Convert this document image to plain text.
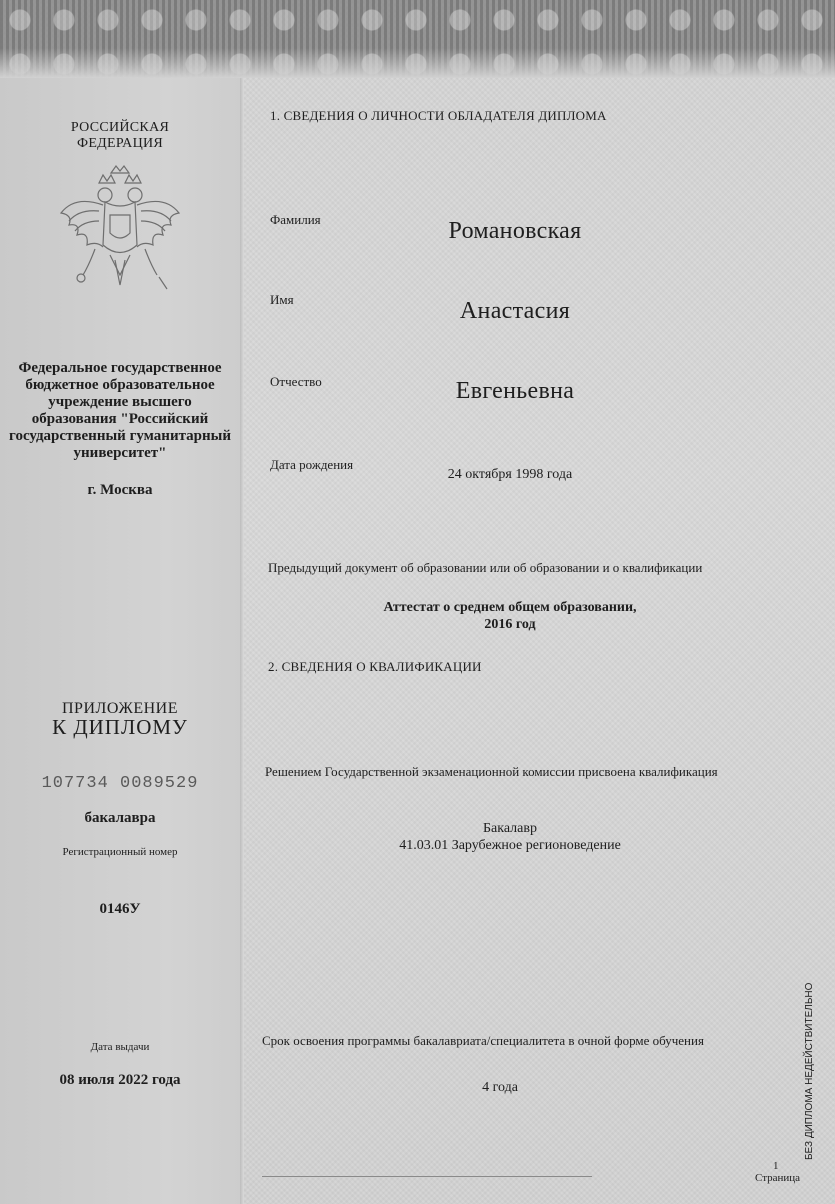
РОССИЙСКАЯ ФЕДЕРАЦИЯ
Федеральное государственное бюджетное образовательное учреждение высшего образования "Российский государственный гуманитарный университет"
г. Москва
ПРИЛОЖЕНИЕ
К ДИПЛОМУ
107734 0089529
бакалавра
Регистрационный номер
0146У
Дата выдачи
08 июля 2022 года
1. СВЕДЕНИЯ О ЛИЧНОСТИ ОБЛАДАТЕЛЯ ДИПЛОМА
Фамилия	Романовская
Имя	Анастасия
Отчество	Евгеньевна
Дата рождения
24 октября 1998 года
Предыдущий документ об образовании или об образовании и о квалификации
Аттестат о среднем общем образовании,
2016 год
2. СВЕДЕНИЯ О КВАЛИФИКАЦИИ
Решением Государственной экзаменационной комиссии присвоена квалификация
Бакалавр
41.03.01 Зарубежное регионоведение
Срок освоения программы бакалавриата/специалитета в очной форме обучения
4 года
Страница
1
БЕЗ ДИПЛОМА НЕДЕЙСТВИТЕЛЬНО
